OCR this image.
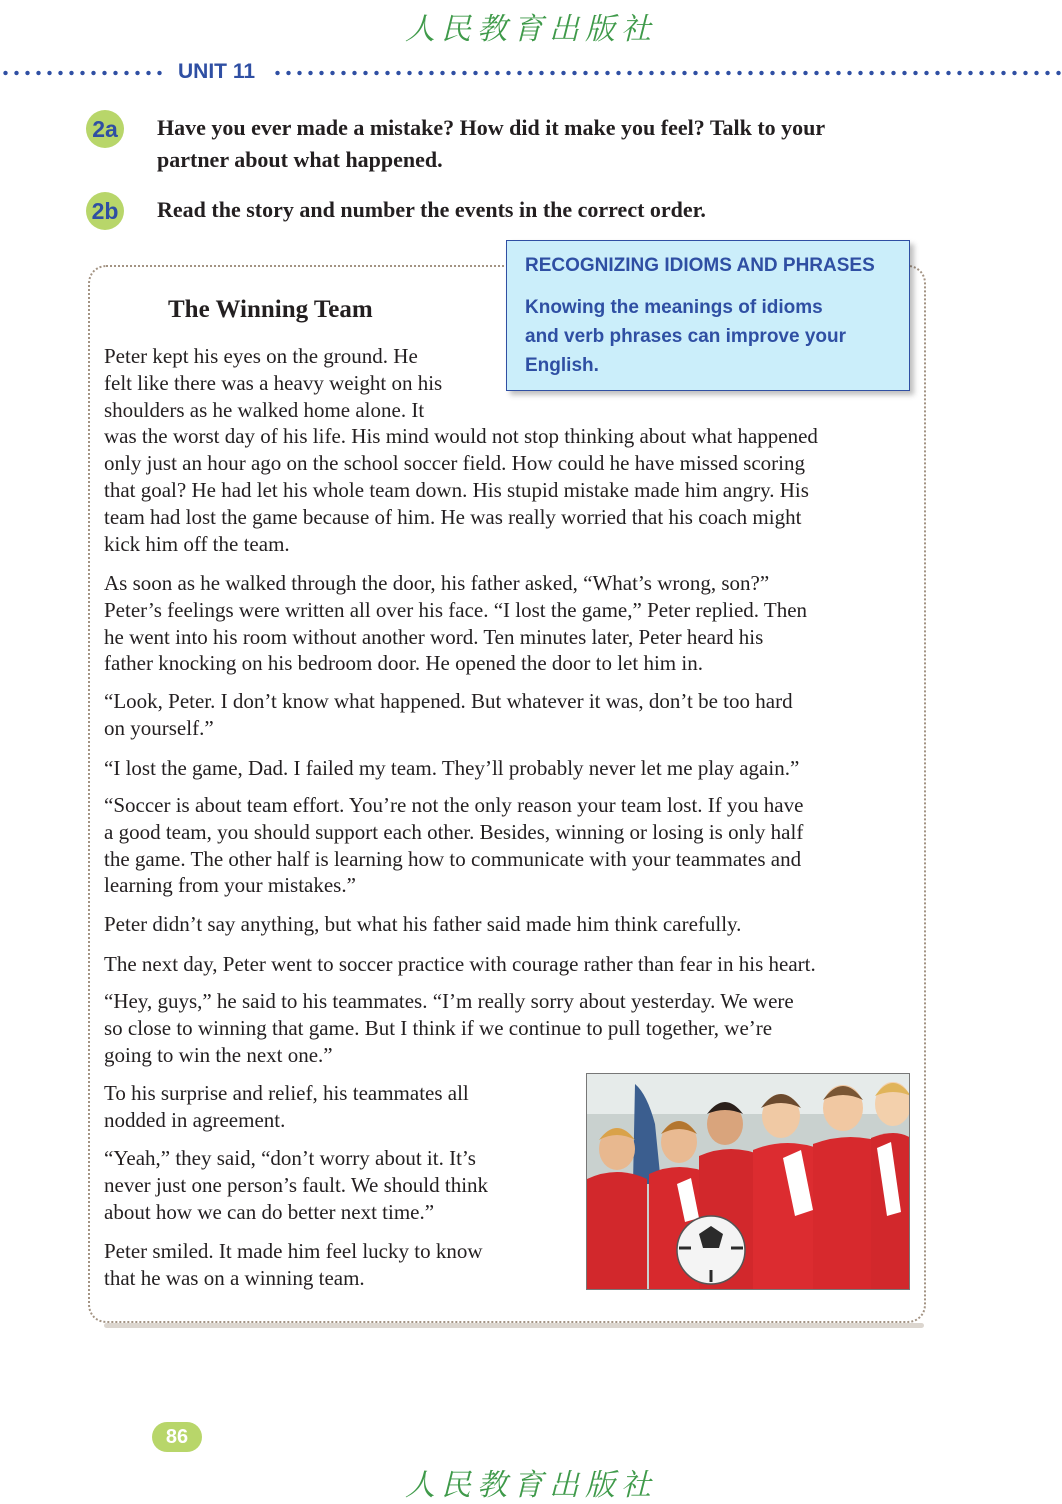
人民教育出版社
UNIT 11
2a Have you ever made a mistake? How did it make you feel? Talk to your
partner about what happened.
2b Read the story and number the events in the correct order.
RECOGNIZING IDIOMS AND PHRASES
Knowing the meanings of idioms
and verb phrases can improve your
English.
The Winning Team
Peter kept his eyes on the ground. He
felt like there was a heavy weight on his
shoulders as he walked home alone. It
was the worst day of his life. His mind would not stop thinking about what happened
only just an hour ago on the school soccer field. How could he have missed scoring
that goal? He had let his whole team down. His stupid mistake made him angry. His
team had lost the game because of him. He was really worried that his coach might
kick him off the team.
As soon as he walked through the door, his father asked, “What’s wrong, son?”
Peter’s feelings were written all over his face. “I lost the game,” Peter replied. Then
he went into his room without another word. Ten minutes later, Peter heard his
father knocking on his bedroom door. He opened the door to let him in.
“Look, Peter. I don’t know what happened. But whatever it was, don’t be too hard
on yourself.”
“I lost the game, Dad. I failed my team. They’ll probably never let me play again.”
“Soccer is about team effort. You’re not the only reason your team lost. If you have
a good team, you should support each other. Besides, winning or losing is only half
the game. The other half is learning how to communicate with your teammates and
learning from your mistakes.”
Peter didn’t say anything, but what his father said made him think carefully.
The next day, Peter went to soccer practice with courage rather than fear in his heart.
“Hey, guys,” he said to his teammates. “I’m really sorry about yesterday. We were
so close to winning that game. But I think if we continue to pull together, we’re
going to win the next one.”
To his surprise and relief, his teammates all
nodded in agreement.
“Yeah,” they said, “don’t worry about it. It’s
never just one person’s fault. We should think
about how we can do better next time.”
Peter smiled. It made him feel lucky to know
that he was on a winning team.
86
人民教育出版社
